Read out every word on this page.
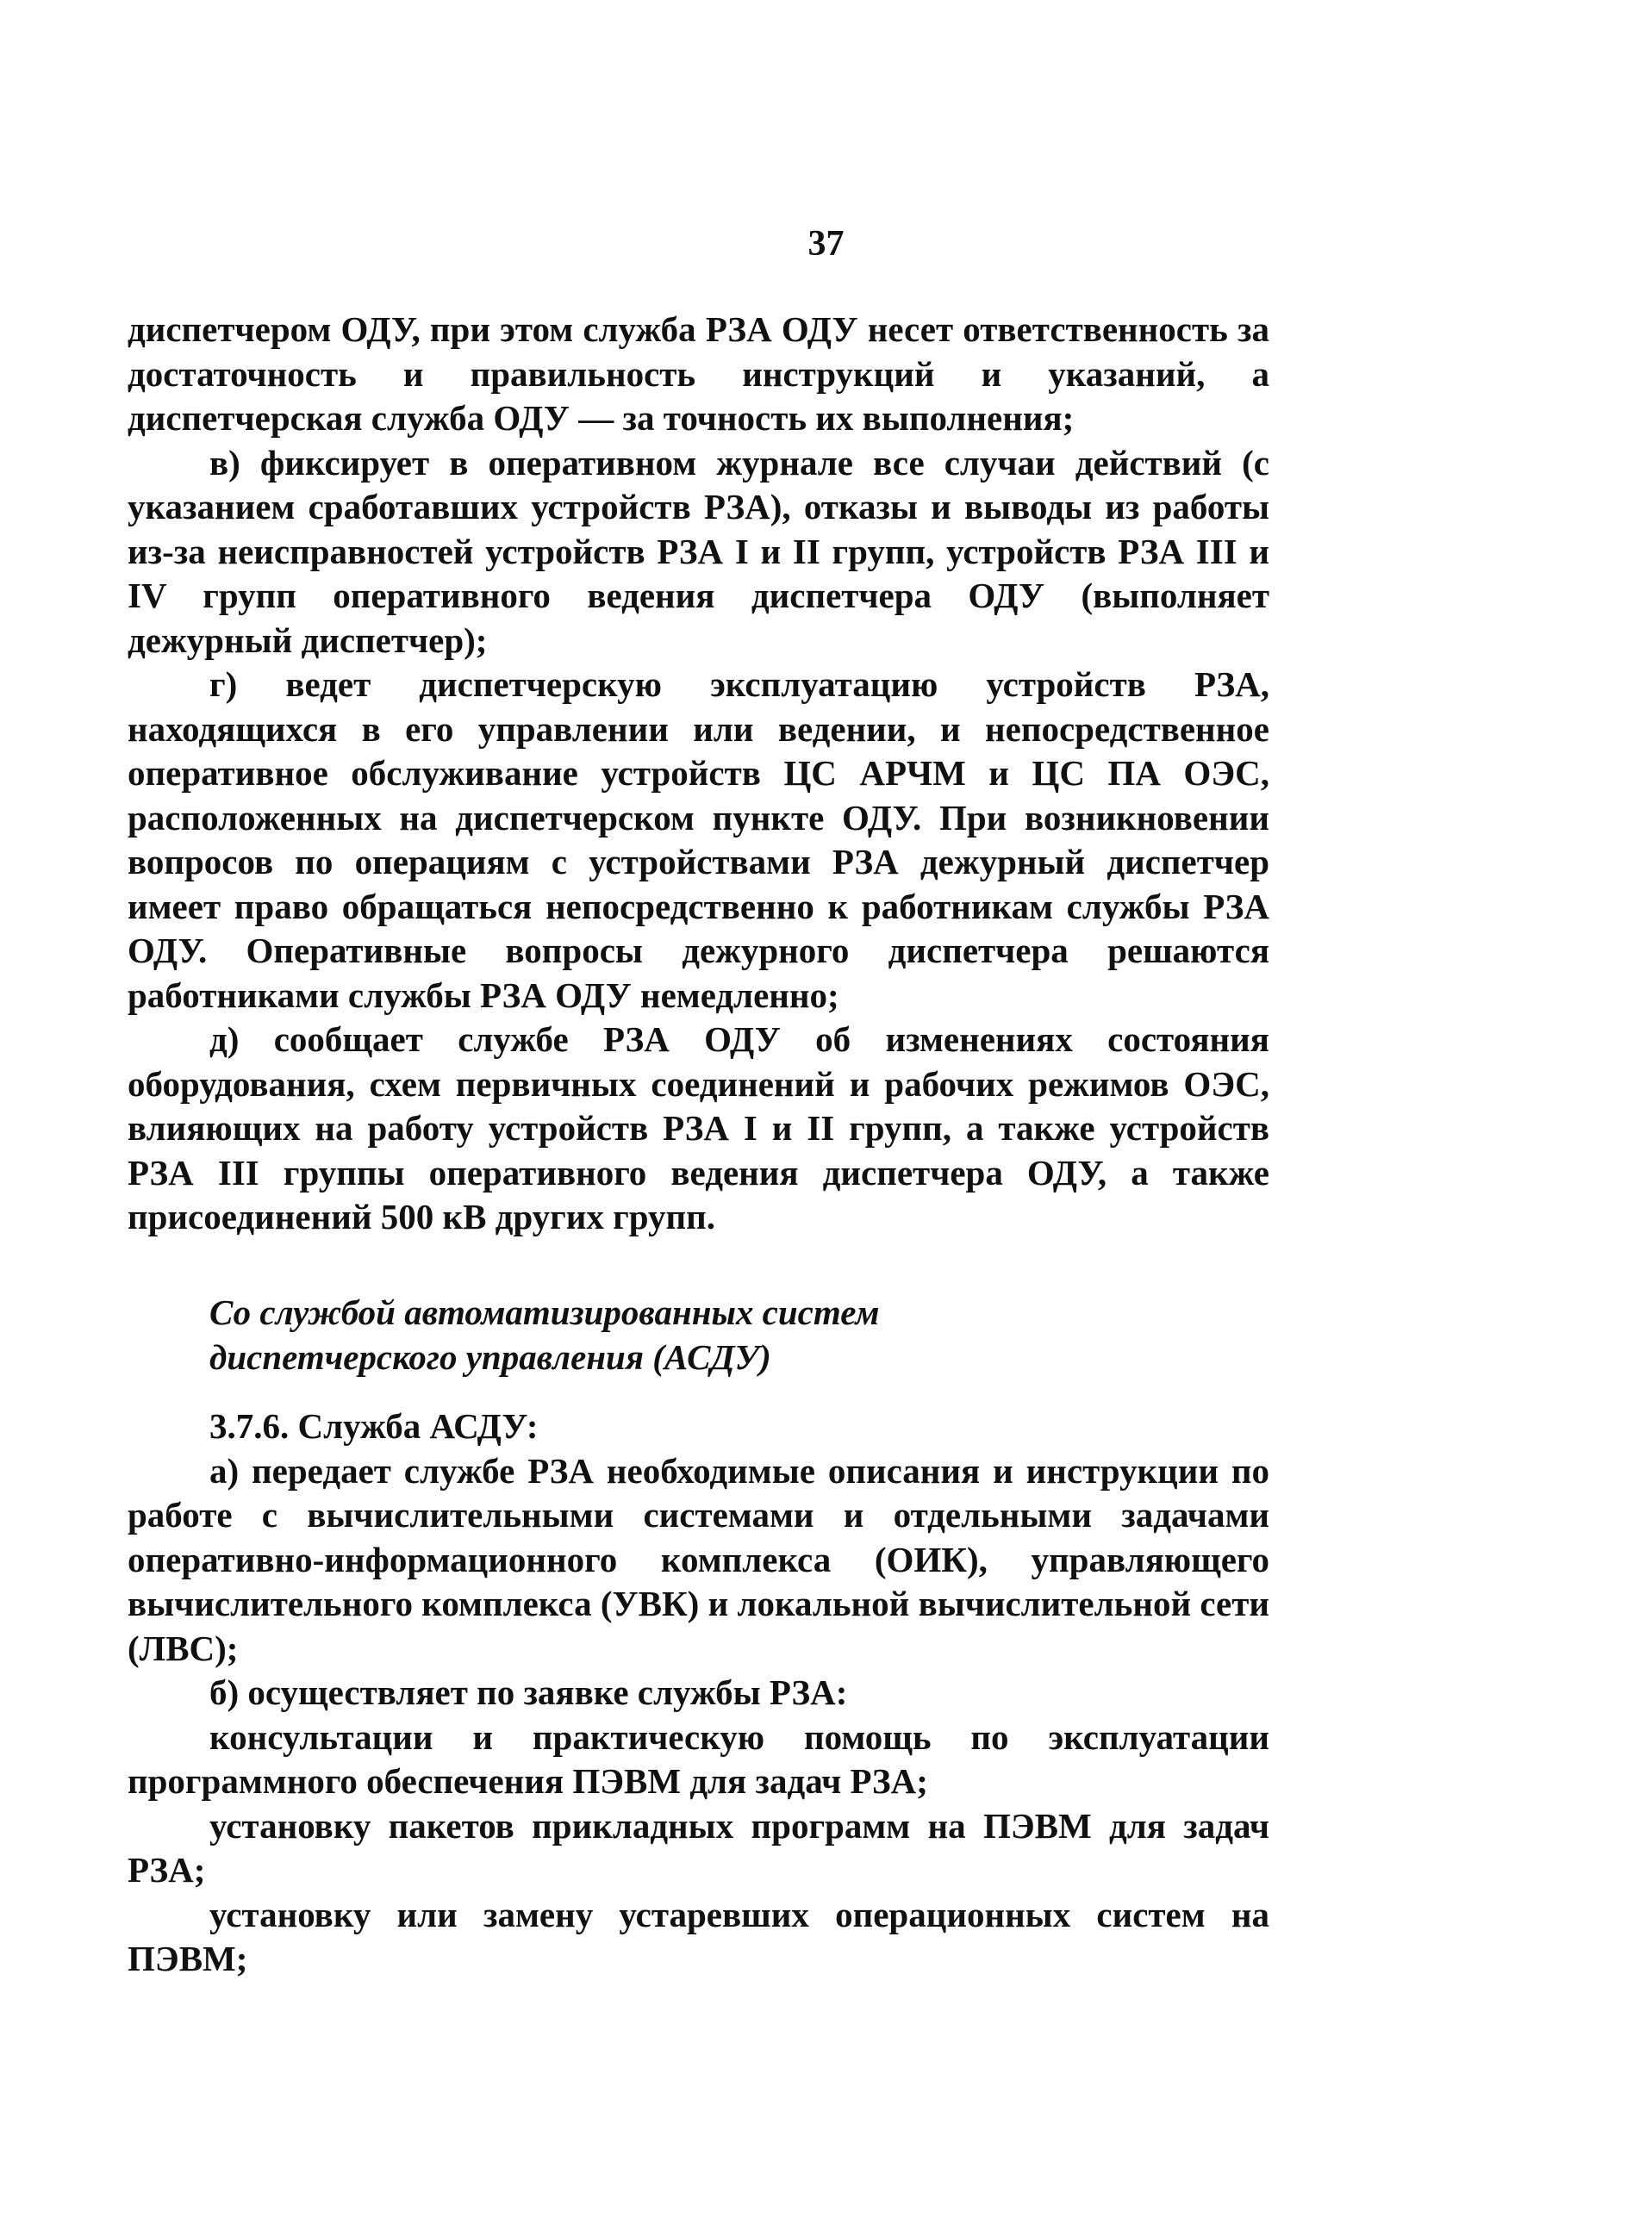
37

диспетчером ОДУ, при этом служба РЗА ОДУ несет ответственность за достаточность и правильность инструкций и указаний, а диспетчерская служба ОДУ — за точность их выполнения;

в) фиксирует в оперативном журнале все случаи действий (с указанием сработавших устройств РЗА), отказы и выводы из работы из-за неисправностей устройств РЗА I и II групп, устройств РЗА III и IV групп оперативного ведения диспетчера ОДУ (выполняет дежурный диспетчер);

г) ведет диспетчерскую эксплуатацию устройств РЗА, находящихся в его управлении или ведении, и непосредственное оперативное обслуживание устройств ЦС АРЧМ и ЦС ПА ОЭС, расположенных на диспетчерском пункте ОДУ. При возникновении вопросов по операциям с устройствами РЗА дежурный диспетчер имеет право обращаться непосредственно к работникам службы РЗА ОДУ. Оперативные вопросы дежурного диспетчера решаются работниками службы РЗА ОДУ немедленно;

д) сообщает службе РЗА ОДУ об изменениях состояния оборудования, схем первичных соединений и рабочих режимов ОЭС, влияющих на работу устройств РЗА I и II групп, а также устройств РЗА III группы оперативного ведения диспетчера ОДУ, а также присоединений 500 кВ других групп.

Со службой автоматизированных систем
диспетчерского управления (АСДУ)

3.7.6. Служба АСДУ:

а) передает службе РЗА необходимые описания и инструкции по работе с вычислительными системами и отдельными задачами оперативно-информационного комплекса (ОИК), управляющего вычислительного комплекса (УВК) и локальной вычислительной сети (ЛВС);

б) осуществляет по заявке службы РЗА:

консультации и практическую помощь по эксплуатации программного обеспечения ПЭВМ для задач РЗА;

установку пакетов прикладных программ на ПЭВМ для задач РЗА;

установку или замену устаревших операционных систем на ПЭВМ;
